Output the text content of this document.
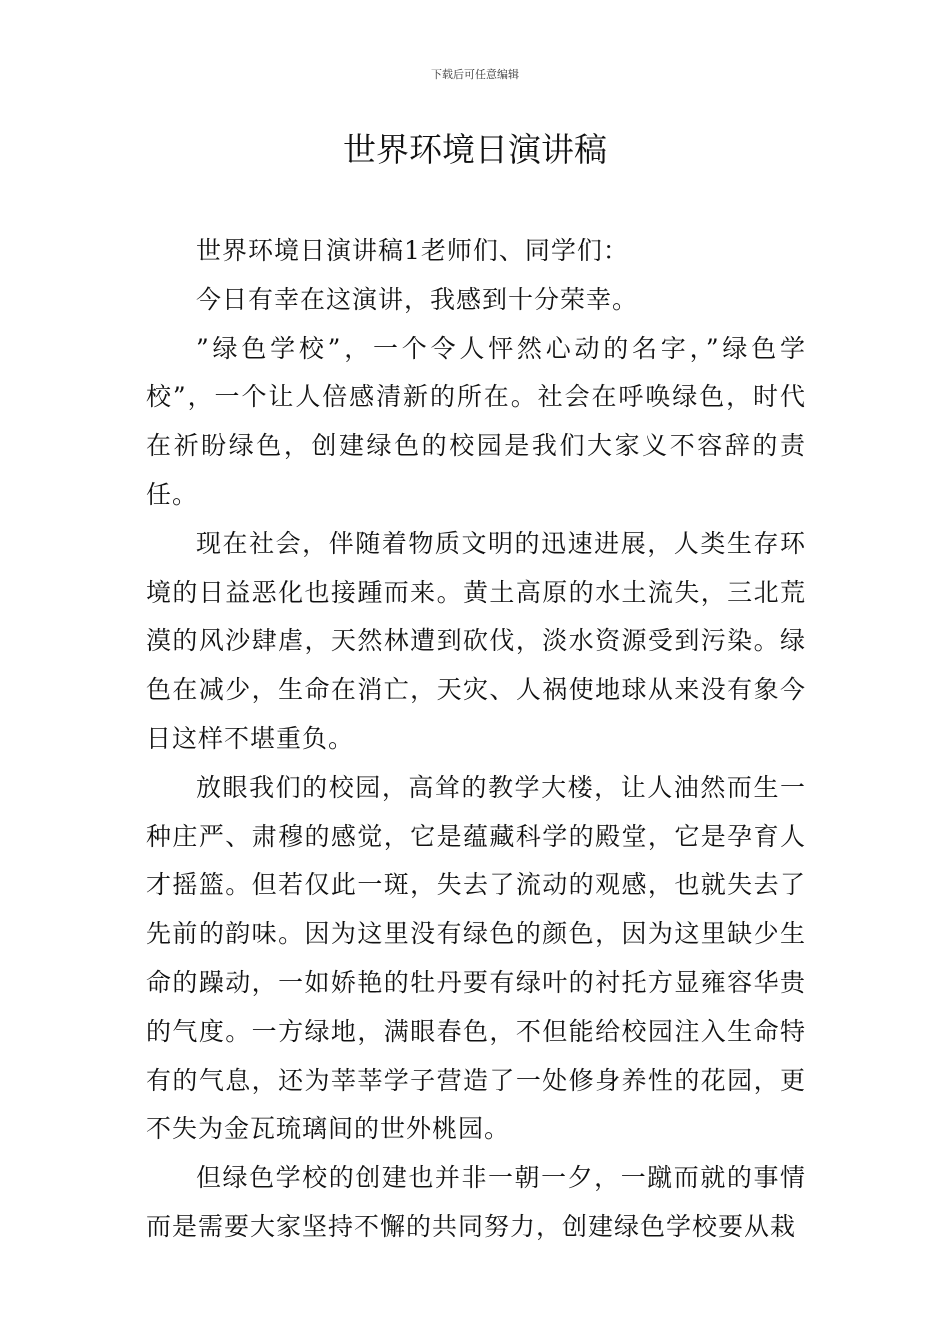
下载后可任意编辑
世界环境日演讲稿

世界环境日演讲稿1老师们、同学们：

今日有幸在这演讲，我感到十分荣幸。

”绿色学校”，一个令人怦然心动的名字，”绿色学校”，一个让人倍感清新的所在。社会在呼唤绿色，时代在祈盼绿色，创建绿色的校园是我们大家义不容辞的责任。

现在社会，伴随着物质文明的迅速进展，人类生存环境的日益恶化也接踵而来。黄土高原的水土流失，三北荒漠的风沙肆虐，天然林遭到砍伐，淡水资源受到污染。绿色在减少，生命在消亡，天灾、人祸使地球从来没有象今日这样不堪重负。

放眼我们的校园，高耸的教学大楼，让人油然而生一种庄严、肃穆的感觉，它是蕴藏科学的殿堂，它是孕育人才摇篮。但若仅此一斑，失去了流动的观感，也就失去了先前的韵味。因为这里没有绿色的颜色，因为这里缺少生命的躁动，一如娇艳的牡丹要有绿叶的衬托方显雍容华贵的气度。一方绿地，满眼春色，不但能给校园注入生命特有的气息，还为莘莘学子营造了一处修身养性的花园，更不失为金瓦琉璃间的世外桃园。

但绿色学校的创建也并非一朝一夕，一蹴而就的事情而是需要大家坚持不懈的共同努力，创建绿色学校要从栽
